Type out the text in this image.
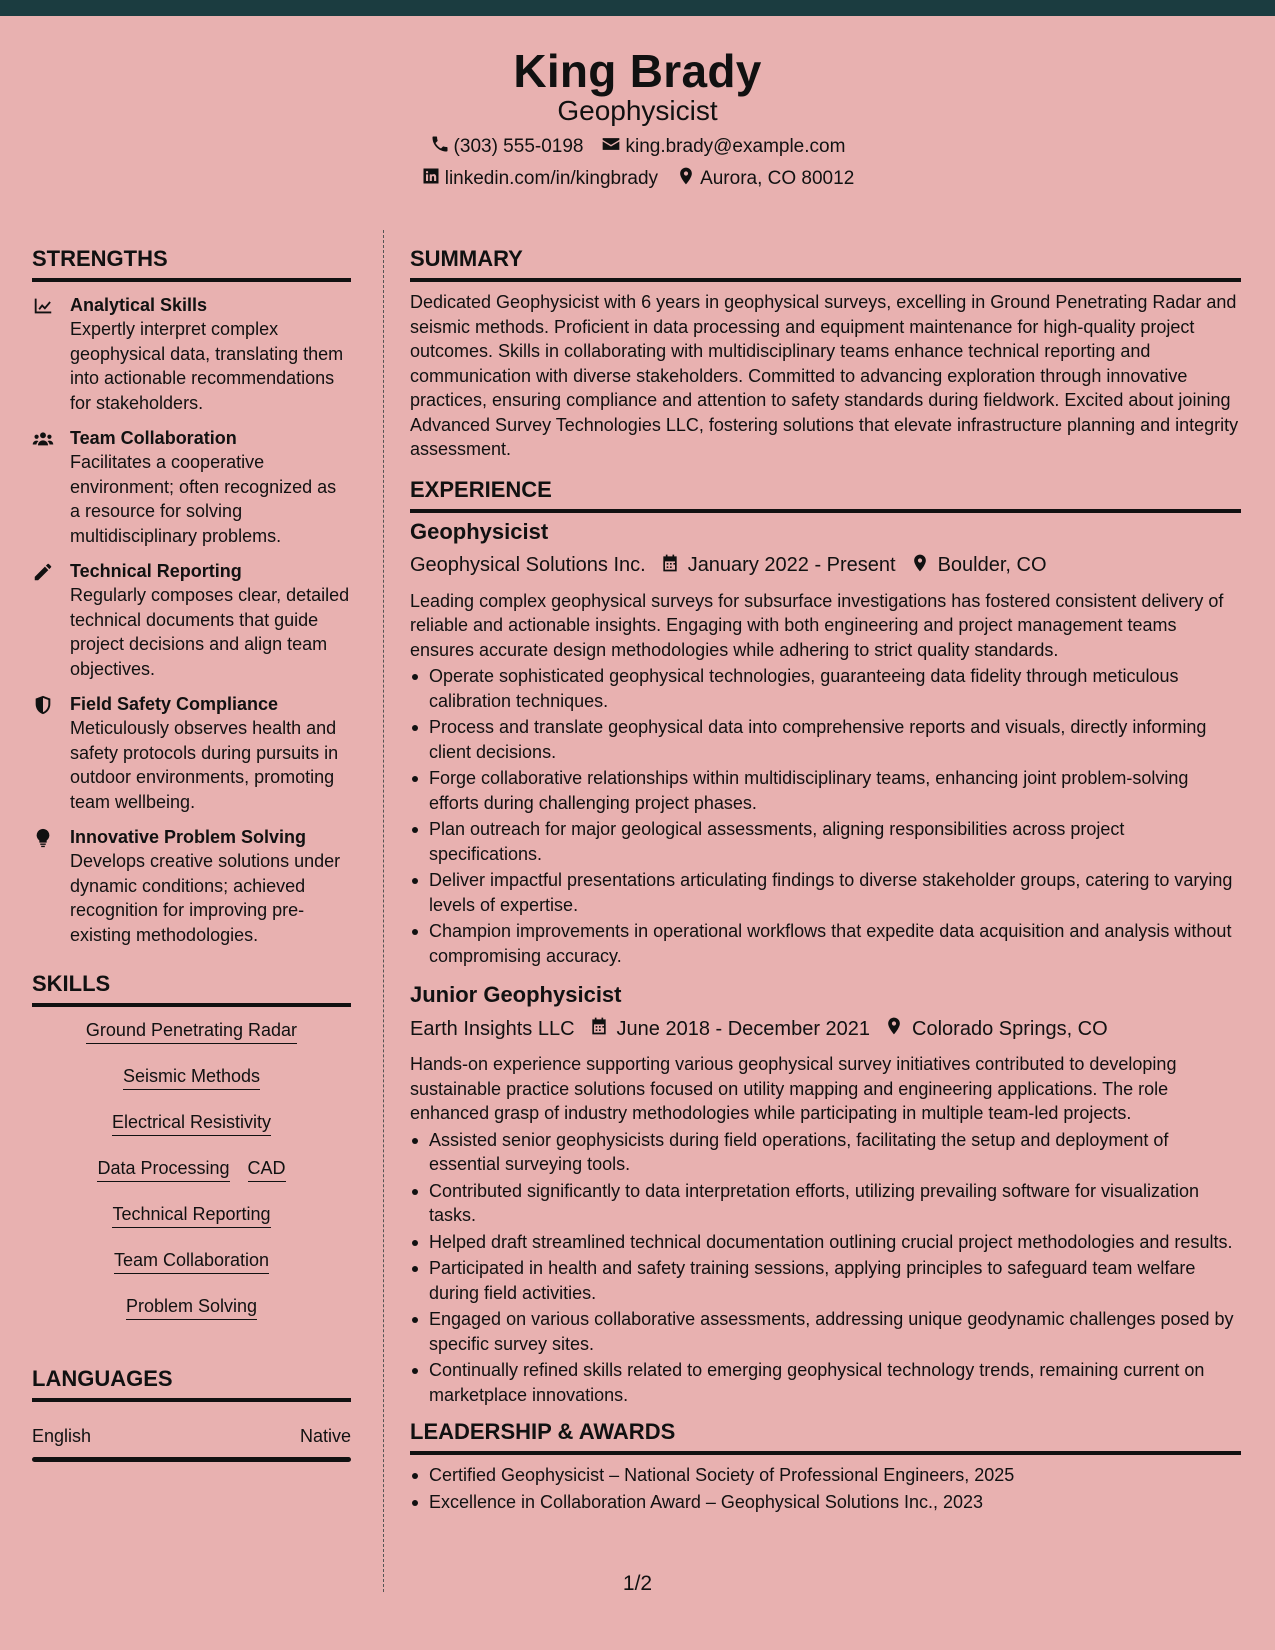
King Brady
Geophysicist
(303) 555-0198 king.brady@example.com
linkedin.com/in/kingbrady Aurora, CO 80012
STRENGTHS
Analytical Skills
Expertly interpret complex geophysical data, translating them into actionable recommendations for stakeholders.
Team Collaboration
Facilitates a cooperative environment; often recognized as a resource for solving multidisciplinary problems.
Technical Reporting
Regularly composes clear, detailed technical documents that guide project decisions and align team objectives.
Field Safety Compliance
Meticulously observes health and safety protocols during pursuits in outdoor environments, promoting team wellbeing.
Innovative Problem Solving
Develops creative solutions under dynamic conditions; achieved recognition for improving pre-existing methodologies.
SKILLS
Ground Penetrating Radar
Seismic Methods
Electrical Resistivity
Data Processing CAD
Technical Reporting
Team Collaboration
Problem Solving
LANGUAGES
English	Native
SUMMARY
Dedicated Geophysicist with 6 years in geophysical surveys, excelling in Ground Penetrating Radar and seismic methods. Proficient in data processing and equipment maintenance for high-quality project outcomes. Skills in collaborating with multidisciplinary teams enhance technical reporting and communication with diverse stakeholders. Committed to advancing exploration through innovative practices, ensuring compliance and attention to safety standards during fieldwork. Excited about joining Advanced Survey Technologies LLC, fostering solutions that elevate infrastructure planning and integrity assessment.
EXPERIENCE
Geophysicist
Geophysical Solutions Inc. January 2022 - Present Boulder, CO
Leading complex geophysical surveys for subsurface investigations has fostered consistent delivery of reliable and actionable insights. Engaging with both engineering and project management teams ensures accurate design methodologies while adhering to strict quality standards.
Operate sophisticated geophysical technologies, guaranteeing data fidelity through meticulous calibration techniques.
Process and translate geophysical data into comprehensive reports and visuals, directly informing client decisions.
Forge collaborative relationships within multidisciplinary teams, enhancing joint problem-solving efforts during challenging project phases.
Plan outreach for major geological assessments, aligning responsibilities across project specifications.
Deliver impactful presentations articulating findings to diverse stakeholder groups, catering to varying levels of expertise.
Champion improvements in operational workflows that expedite data acquisition and analysis without compromising accuracy.
Junior Geophysicist
Earth Insights LLC June 2018 - December 2021 Colorado Springs, CO
Hands-on experience supporting various geophysical survey initiatives contributed to developing sustainable practice solutions focused on utility mapping and engineering applications. The role enhanced grasp of industry methodologies while participating in multiple team-led projects.
Assisted senior geophysicists during field operations, facilitating the setup and deployment of essential surveying tools.
Contributed significantly to data interpretation efforts, utilizing prevailing software for visualization tasks.
Helped draft streamlined technical documentation outlining crucial project methodologies and results.
Participated in health and safety training sessions, applying principles to safeguard team welfare during field activities.
Engaged on various collaborative assessments, addressing unique geodynamic challenges posed by specific survey sites.
Continually refined skills related to emerging geophysical technology trends, remaining current on marketplace innovations.
LEADERSHIP & AWARDS
Certified Geophysicist – National Society of Professional Engineers, 2025
Excellence in Collaboration Award – Geophysical Solutions Inc., 2023
1/2
